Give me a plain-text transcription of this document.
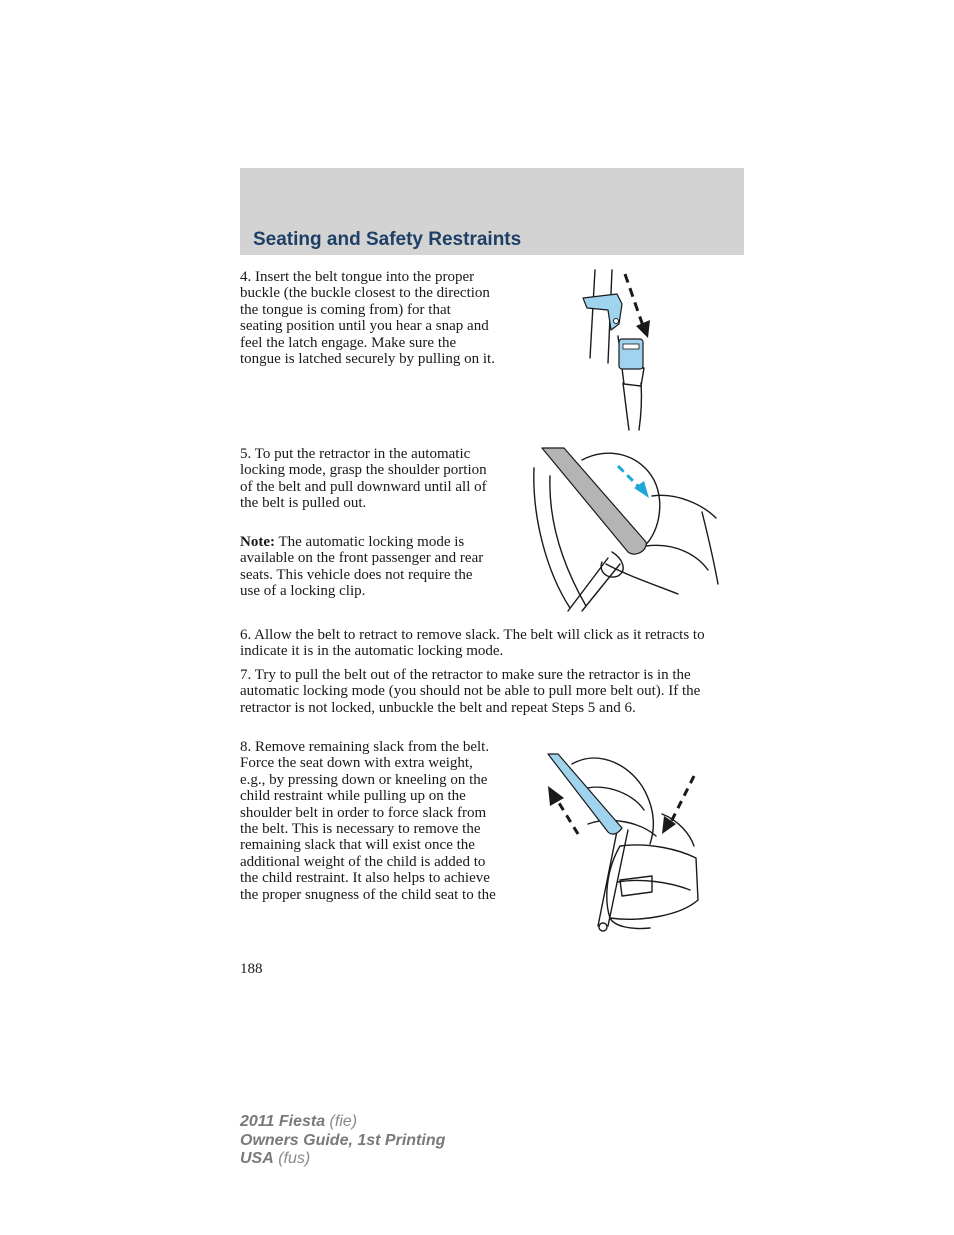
Seating and Safety Restraints

4. Insert the belt tongue into the proper buckle (the buckle closest to the direction the tongue is coming from) for that seating position until you hear a snap and feel the latch engage. Make sure the tongue is latched securely by pulling on it.

5. To put the retractor in the automatic locking mode, grasp the shoulder portion of the belt and pull downward until all of the belt is pulled out.

Note: The automatic locking mode is available on the front passenger and rear seats. This vehicle does not require the use of a locking clip.

6. Allow the belt to retract to remove slack. The belt will click as it retracts to indicate it is in the automatic locking mode.

7. Try to pull the belt out of the retractor to make sure the retractor is in the automatic locking mode (you should not be able to pull more belt out). If the retractor is not locked, unbuckle the belt and repeat Steps 5 and 6.

8. Remove remaining slack from the belt. Force the seat down with extra weight, e.g., by pressing down or kneeling on the child restraint while pulling up on the shoulder belt in order to force slack from the belt. This is necessary to remove the remaining slack that will exist once the additional weight of the child is added to the child restraint. It also helps to achieve the proper snugness of the child seat to the

188

2011 Fiesta (fie)
Owners Guide, 1st Printing
USA (fus)
